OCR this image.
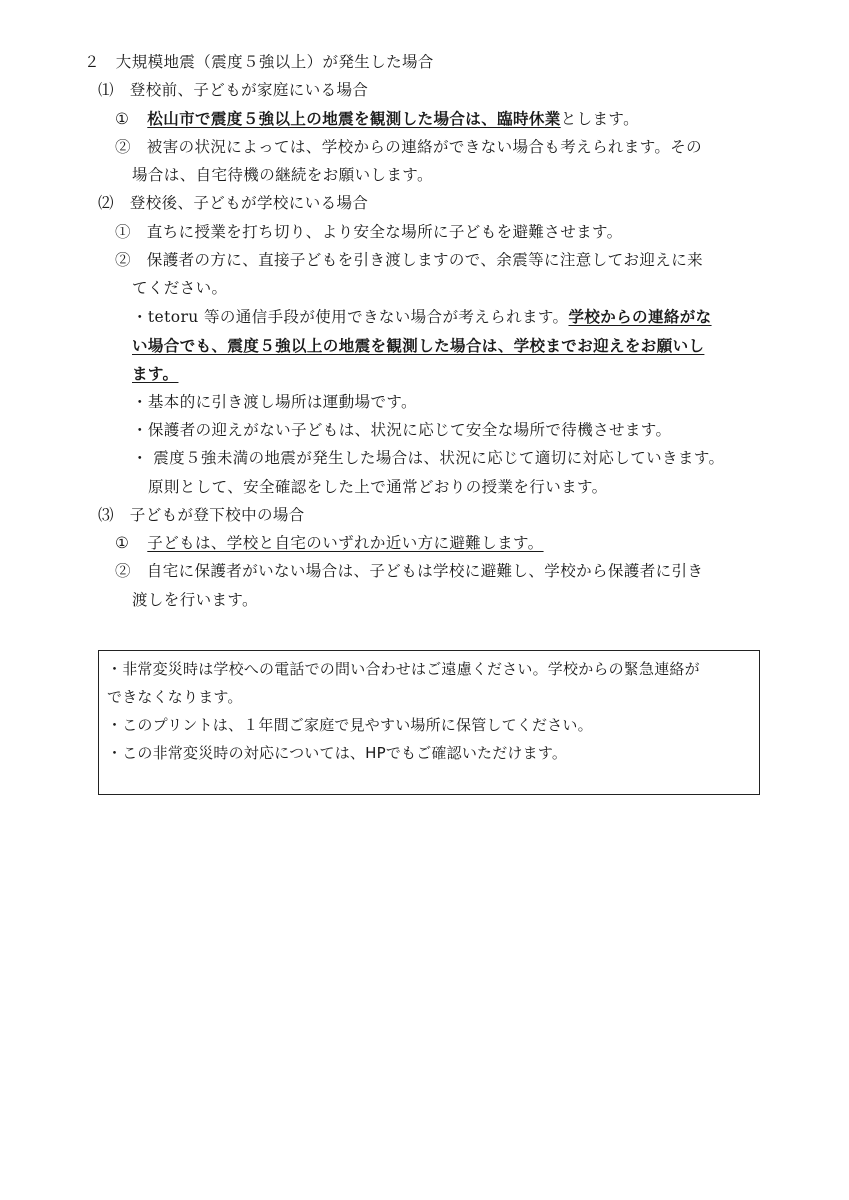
２　大規模地震（震度５強以上）が発生した場合
⑴　登校前、子どもが家庭にいる場合
① 松山市で震度５強以上の地震を観測した場合は、臨時休業とします。
②　被害の状況によっては、学校からの連絡ができない場合も考えられます。その
場合は、自宅待機の継続をお願いします。
⑵　登校後、子どもが学校にいる場合
①　直ちに授業を打ち切り、より安全な場所に子どもを避難させます。
②　保護者の方に、直接子どもを引き渡しますので、余震等に注意してお迎えに来
てください。
・tetoru 等の通信手段が使用できない場合が考えられます。学校からの連絡がな
い場合でも、震度５強以上の地震を観測した場合は、学校までお迎えをお願いし
ます。
・基本的に引き渡し場所は運動場です。
・保護者の迎えがない子どもは、状況に応じて安全な場所で待機させます。
・ 震度５強未満の地震が発生した場合は、状況に応じて適切に対応していきます。
原則として、安全確認をした上で通常どおりの授業を行います。
⑶　子どもが登下校中の場合
① 子どもは、学校と自宅のいずれか近い方に避難します。
②　自宅に保護者がいない場合は、子どもは学校に避難し、学校から保護者に引き
渡しを行います。
・非常変災時は学校への電話での問い合わせはご遠慮ください。学校からの緊急連絡が
できなくなります。
・このプリントは、１年間ご家庭で見やすい場所に保管してください。
・この非常変災時の対応については、HPでもご確認いただけます。
